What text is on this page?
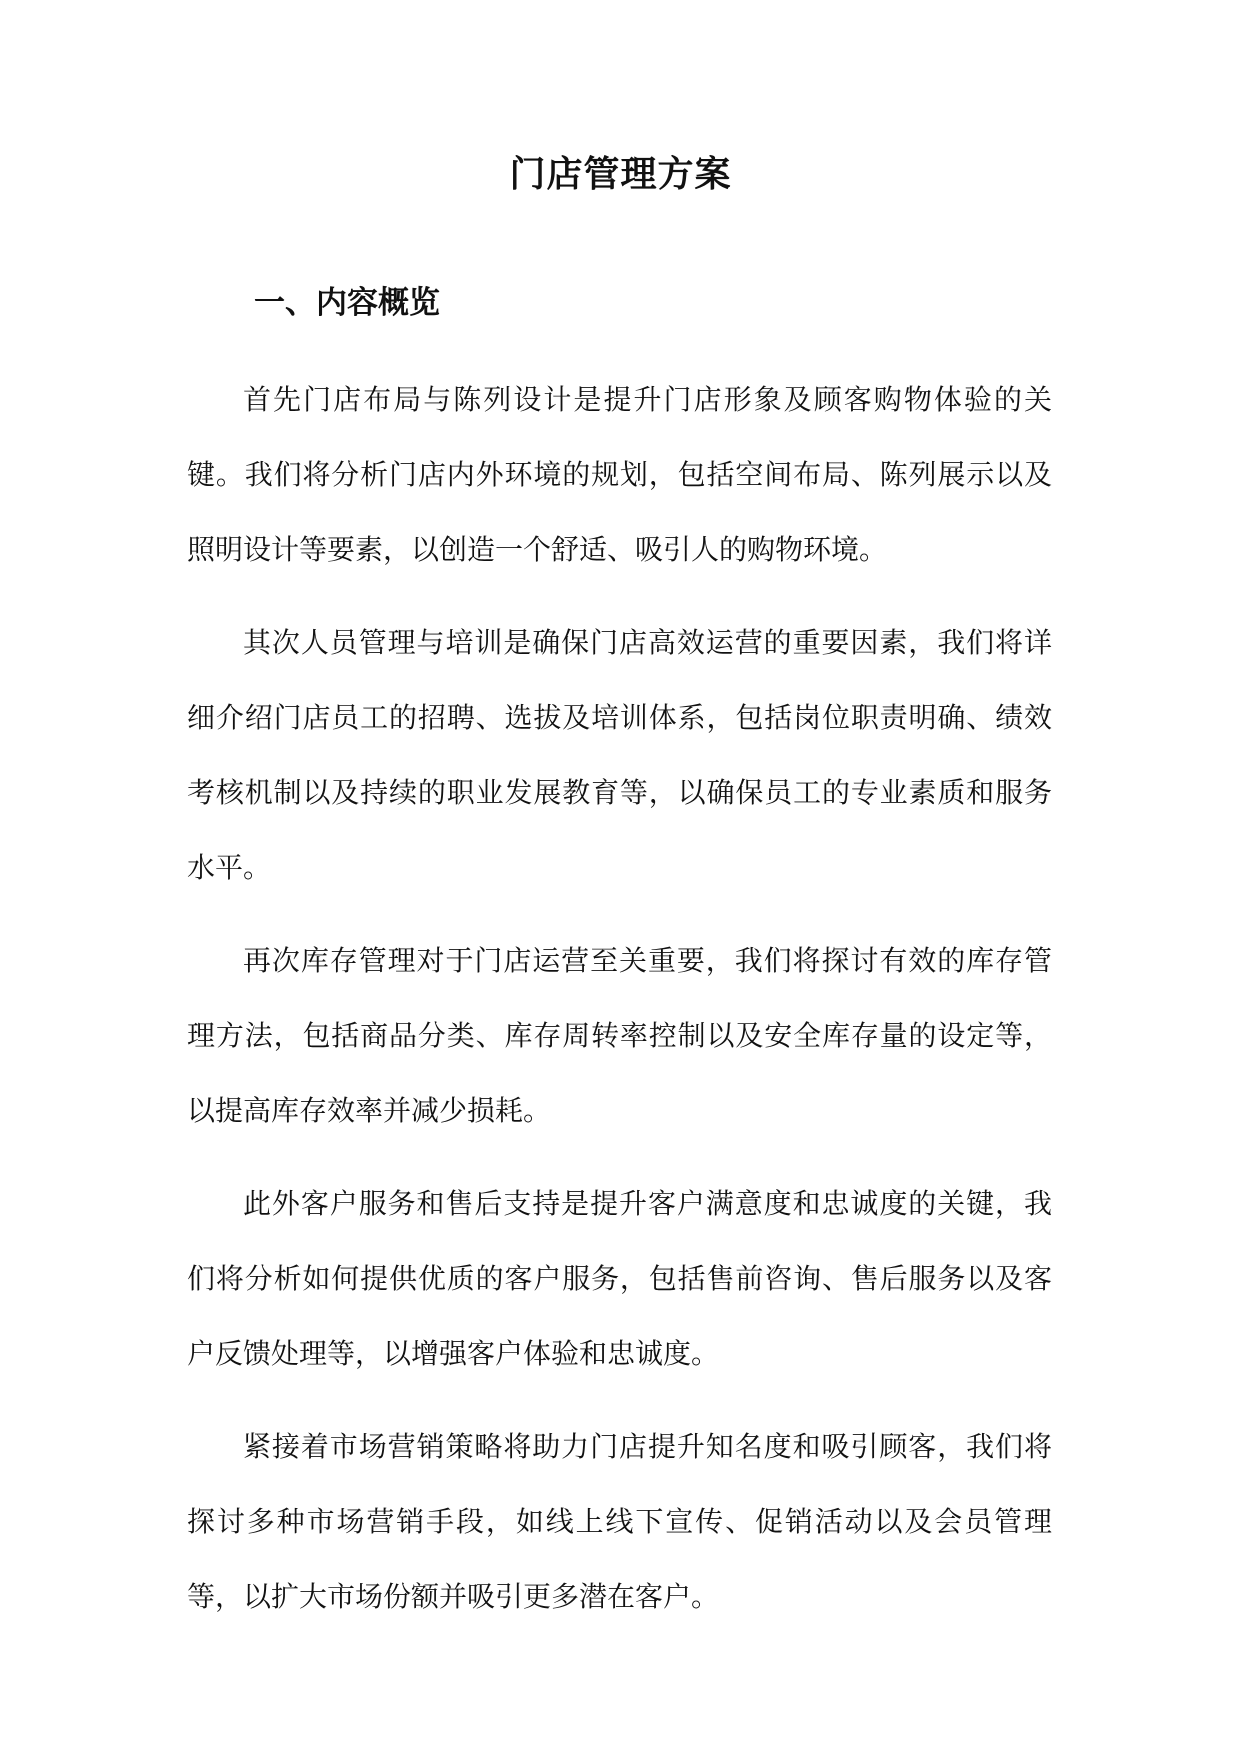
门店管理方案
一、内容概览

首先门店布局与陈列设计是提升门店形象及顾客购物体验的关键。我们将分析门店内外环境的规划，包括空间布局、陈列展示以及照明设计等要素，以创造一个舒适、吸引人的购物环境。

其次人员管理与培训是确保门店高效运营的重要因素，我们将详细介绍门店员工的招聘、选拔及培训体系，包括岗位职责明确、绩效考核机制以及持续的职业发展教育等，以确保员工的专业素质和服务水平。

再次库存管理对于门店运营至关重要，我们将探讨有效的库存管理方法，包括商品分类、库存周转率控制以及安全库存量的设定等，以提高库存效率并减少损耗。

此外客户服务和售后支持是提升客户满意度和忠诚度的关键，我们将分析如何提供优质的客户服务，包括售前咨询、售后服务以及客户反馈处理等，以增强客户体验和忠诚度。

紧接着市场营销策略将助力门店提升知名度和吸引顾客，我们将探讨多种市场营销手段，如线上线下宣传、促销活动以及会员管理等，以扩大市场份额并吸引更多潜在客户。
